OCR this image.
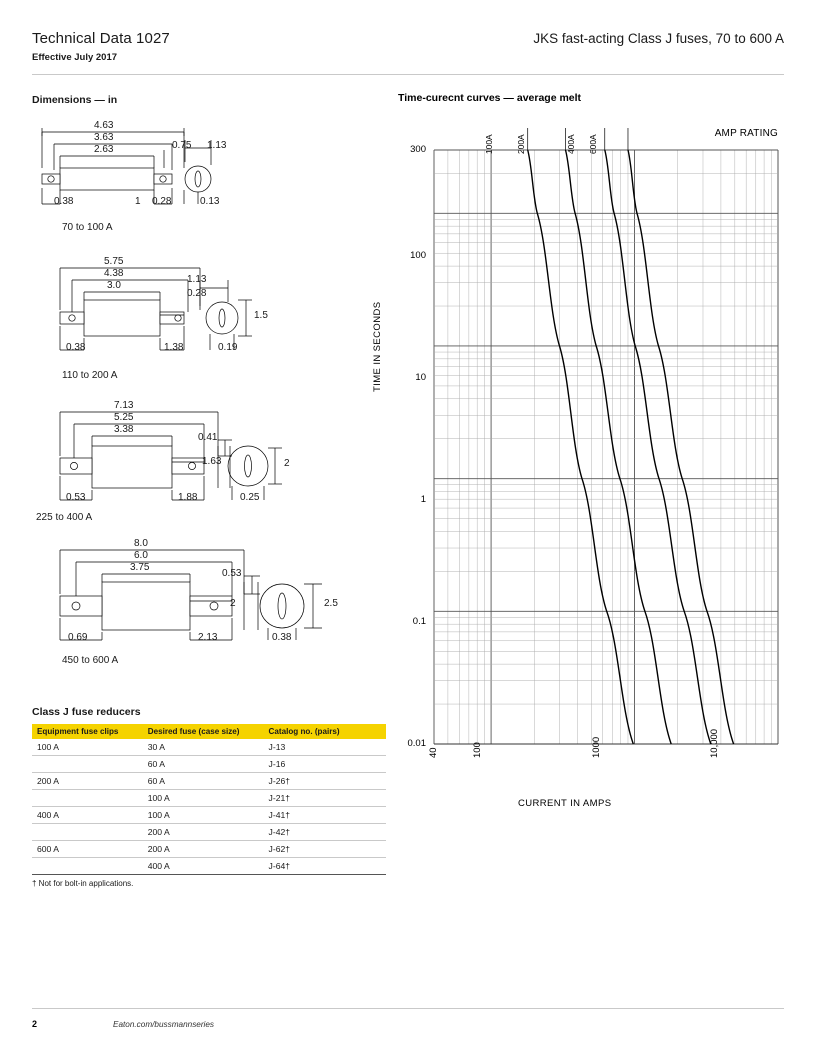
Technical Data 1027
Effective July 2017
JKS fast-acting Class J fuses, 70 to 600 A
Dimensions — in
4.63
3.63
2.63	0.75 1.13
0.38	1 0.28	0.13
70 to 100 A
5.75
4.38
3.0
1.13
0.28
1.5
0.38	1.38	0.19
110 to 200 A
7.13
5.25
3.38
0.41
1.63	2
0.53	1.88	0.25
225 to 400 A
8.0
6.0
3.75
0.53
2	2.5
0.69	2.13	0.38
450 to 600 A
Class J fuse reducers
Equipment fuse clips	Desired fuse (case size)	Catalog no. (pairs)
100 A	30 A	J-13
	60 A	J-16
200 A	60 A	J-26†
	100 A	J-21†
400 A	100 A	J-41†
	200 A	J-42†
600 A	200 A	J-62†
	400 A	J-64†
† Not for bolt-in applications.
Time-curecnt curves — average melt
TIME IN SECONDS
CURRENT IN AMPS
AMP RATING
100A	200A	400A 600A
300
100
10
1
0.1
0.01
40	100	1000	10,000
2	Eaton.com/bussmannseries
